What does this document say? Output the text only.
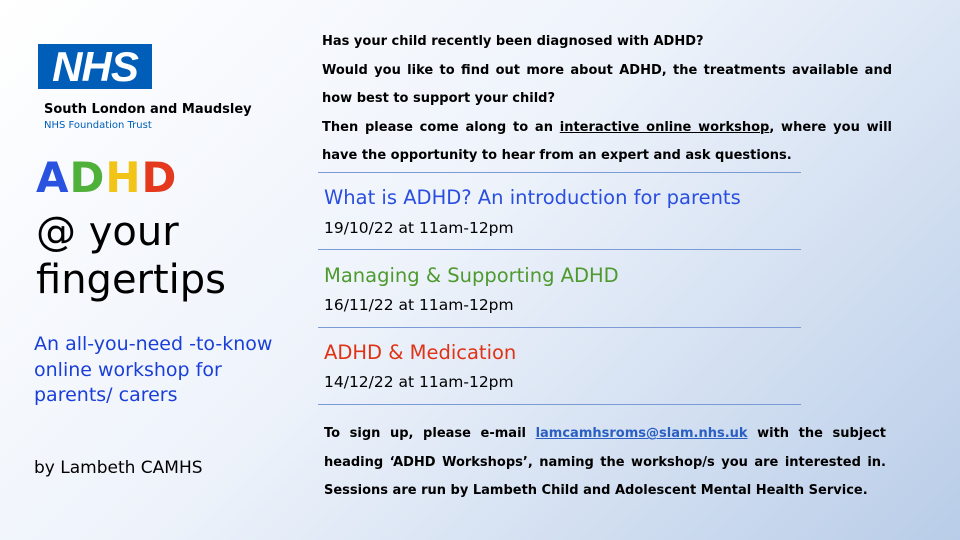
NHS
South London and Maudsley
NHS Foundation Trust
ADHD
@ your
fingertips
An all-you-need -to-know online workshop for parents/ carers
by Lambeth CAMHS

Has your child recently been diagnosed with ADHD?

Would you like to find out more about ADHD, the treatments available and how best to support your child?

Then please come along to an interactive online workshop, where you will have the opportunity to hear from an expert and ask questions.

What is ADHD? An introduction for parents
19/10/22 at 11am-12pm
Managing & Supporting ADHD
16/11/22 at 11am-12pm
ADHD & Medication
14/12/22 at 11am-12pm

To sign up, please e-mail lamcamhsroms@slam.nhs.uk with the subject heading ‘ADHD Workshops’, naming the workshop/s you are interested in.

Sessions are run by Lambeth Child and Adolescent Mental Health Service.
